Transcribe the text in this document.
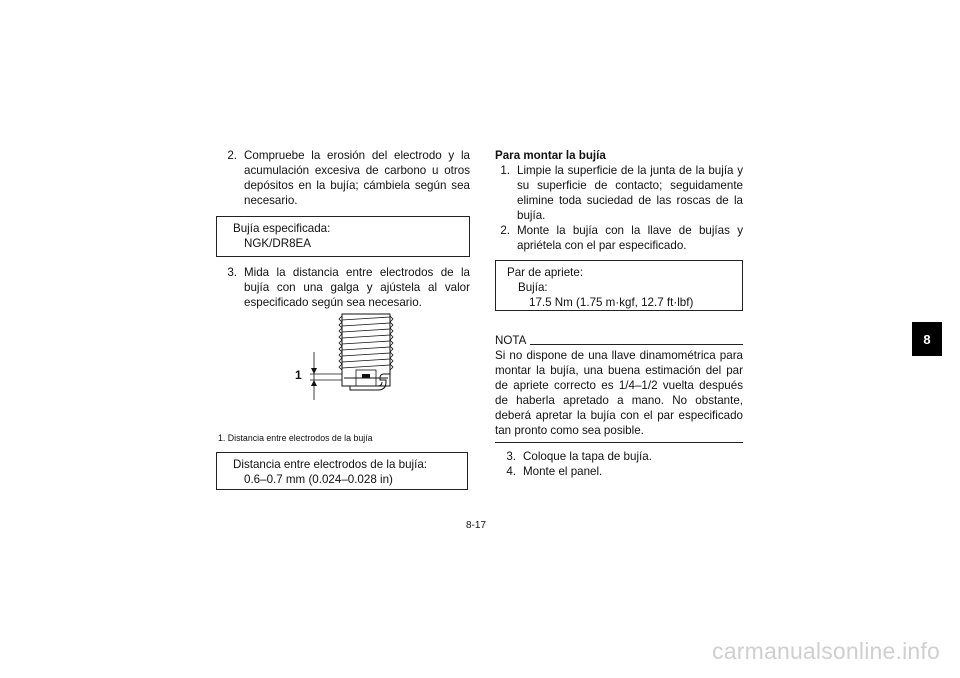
8
2. Compruebe la erosión del electrodo y la acumulación excesiva de carbono u otros depósitos en la bujía; cámbiela según sea necesario.
Bujía especificada:
NGK/DR8EA
3. Mida la distancia entre electrodos de la bujía con una galga y ajústela al valor especificado según sea necesario.
1
1. Distancia entre electrodos de la bujía
Distancia entre electrodos de la bujía:
0.6–0.7 mm (0.024–0.028 in)
Para montar la bujía
1. Limpie la superficie de la junta de la bujía y su superficie de contacto; seguidamente elimine toda suciedad de las roscas de la bujía.
2. Monte la bujía con la llave de bujías y apriétela con el par especificado.
Par de apriete:
Bujía:
17.5 Nm (1.75 m·kgf, 12.7 ft·lbf)
NOTA
Si no dispone de una llave dinamométrica para montar la bujía, una buena estimación del par de apriete correcto es 1/4–1/2 vuelta después de haberla apretado a mano. No obstante, deberá apretar la bujía con el par especificado tan pronto como sea posible.
3. Coloque la tapa de bujía.
4. Monte el panel.
8-17
carmanualsonline.info
